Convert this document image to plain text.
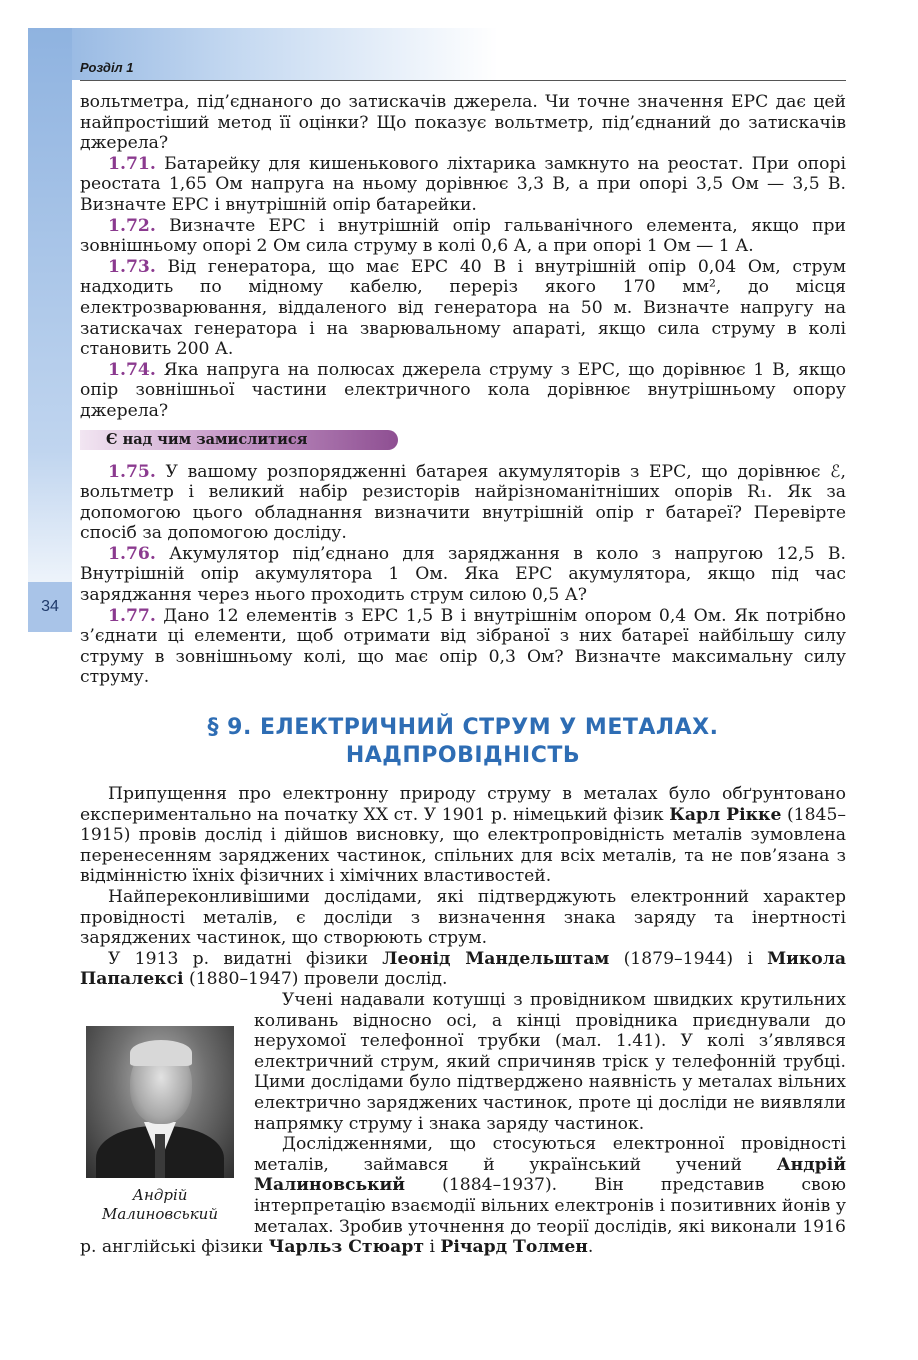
34
Розділ 1

вольтметра, під’єднаного до затискачів джерела. Чи точне значення ЕРС дає цей найпростіший метод її оцінки? Що показує вольтметр, під’єднаний до затискачів джерела?

1.71. Батарейку для кишенькового ліхтарика замкнуто на реостат. При опорі реостата 1,65 Ом напруга на ньому дорівнює 3,3 В, а при опорі 3,5 Ом — 3,5 В. Визначте ЕРС і внутрішній опір батарейки.

1.72. Визначте ЕРС і внутрішній опір гальванічного елемента, якщо при зовнішньому опорі 2 Ом сила струму в колі 0,6 А, а при опорі 1 Ом — 1 А.

1.73. Від генератора, що має ЕРС 40 В і внутрішній опір 0,04 Ом, струм надходить по мідному кабелю, переріз якого 170 мм², до місця електрозварювання, віддаленого від генератора на 50 м. Визначте напругу на затискачах генератора і на зварювальному апараті, якщо сила струму в колі становить 200 А.

1.74. Яка напруга на полюсах джерела струму з ЕРС, що дорівнює 1 В, якщо опір зовнішньої частини електричного кола дорівнює внутрішньому опору джерела?

Є над чим замислитися

1.75. У вашому розпорядженні батарея акумуляторів з ЕРС, що дорівнює ℰ, вольтметр і великий набір резисторів найрізноманітніших опорів R₁. Як за допомогою цього обладнання визначити внутрішній опір r батареї? Перевірте спосіб за допомогою досліду.

1.76. Акумулятор під’єднано для заряджання в коло з напругою 12,5 В. Внутрішній опір акумулятора 1 Ом. Яка ЕРС акумулятора, якщо під час заряджання через нього проходить струм силою 0,5 А?

1.77. Дано 12 елементів з ЕРС 1,5 В і внутрішнім опором 0,4 Ом. Як потрібно з’єднати ці елементи, щоб отримати від зібраної з них батареї найбільшу силу струму в зовнішньому колі, що має опір 0,3 Ом? Визначте максимальну силу струму.

§ 9. ЕЛЕКТРИЧНИЙ СТРУМ У МЕТАЛАХ.
НАДПРОВІДНІСТЬ

Припущення про електронну природу струму в металах було обґрунтовано експериментально на початку XX ст. У 1901 р. німецький фізик Карл Рікке (1845–1915) провів дослід і дійшов висновку, що електропровідність металів зумовлена перенесенням заряджених частинок, спільних для всіх металів, та не пов’язана з відмінністю їхніх фізичних і хімічних властивостей.

Найпереконливішими дослідами, які підтверджують електронний характер провідності металів, є досліди з визначення знака заряду та інертності заряджених частинок, що створюють струм.

У 1913 р. видатні фізики Леонід Мандельштам (1879–1944) і Микола Папалексі (1880–1947) провели дослід.

Андрій
Малиновський

Учені надавали котушці з провідником швидких крутильних коливань відносно осі, а кінці провідника приєднували до нерухомої телефонної трубки (мал. 1.41). У колі з’являвся електричний струм, який спричиняв тріск у телефонній трубці. Цими дослідами було підтверджено наявність у металах вільних електрично заряджених частинок, проте ці досліди не виявляли напрямку струму і знака заряду частинок.

Дослідженнями, що стосуються електронної провідності металів, займався й український учений Андрій Малиновський (1884–1937). Він представив свою інтерпретацію взаємодії вільних електронів і позитивних йонів у металах. Зробив уточнення до теорії дослідів, які виконали 1916 р. англійські фізики Чарльз Стюарт і Річард Толмен.
